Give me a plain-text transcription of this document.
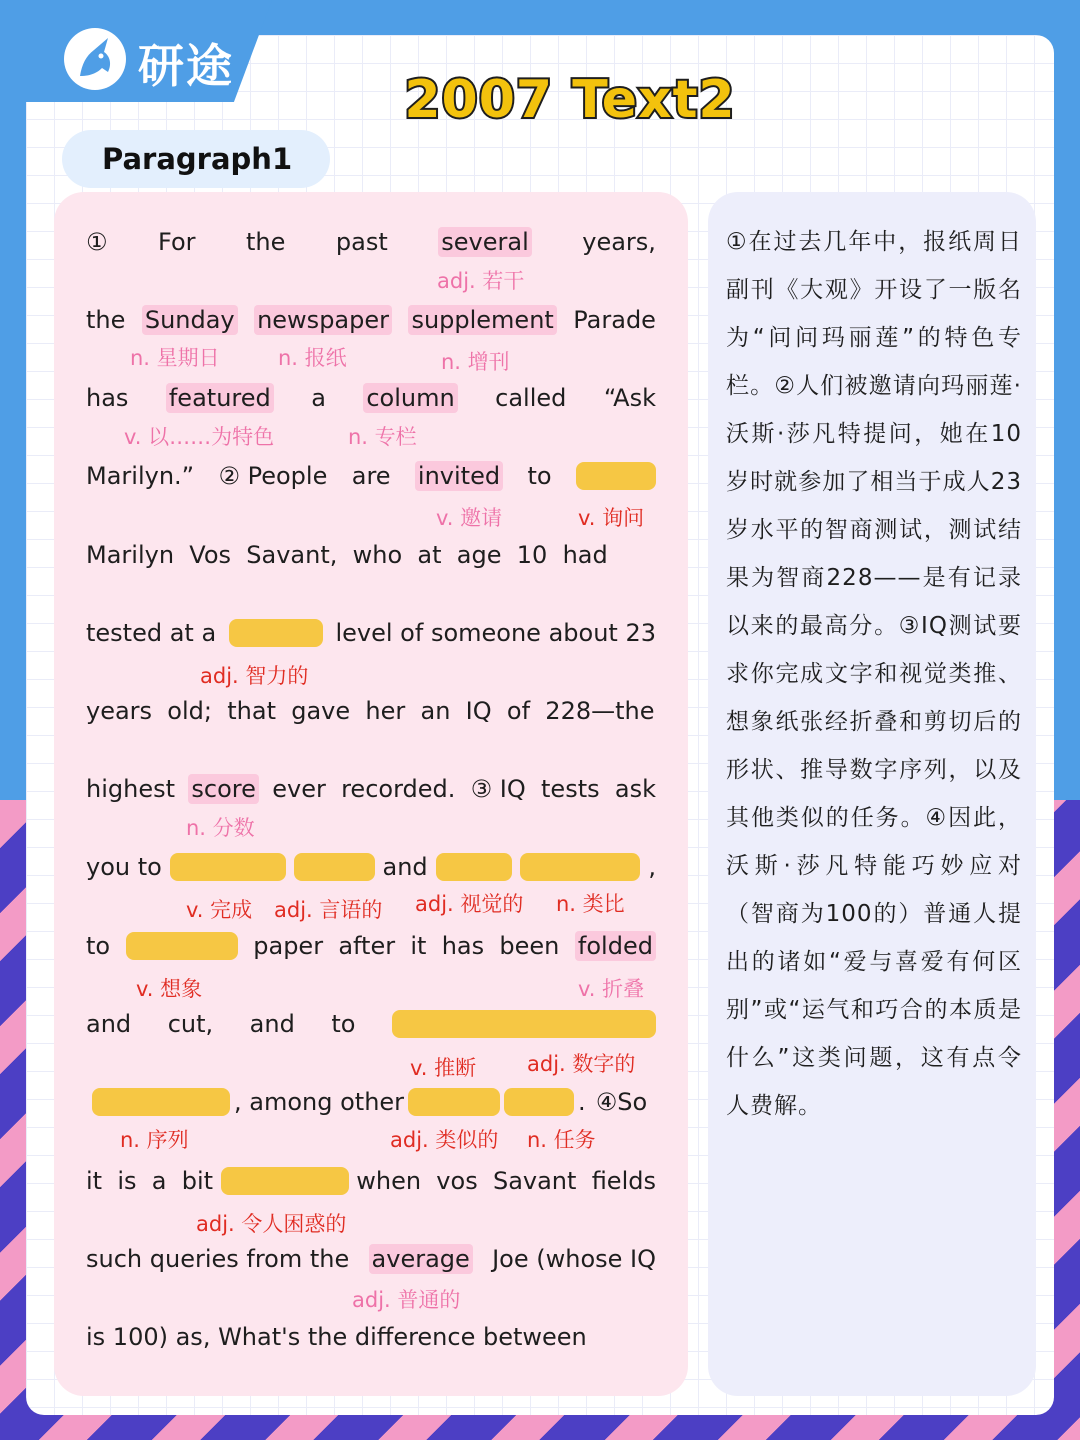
研途
2007 Text2
Paragraph1
① For the past several years,
adj. 若干
the Sunday newspaper supplement Parade
n. 星期日	n. 报纸	n. 增刊
has featured a column called “Ask
v. 以……为特色	n. 专栏
Marilyn.” ② People are invited to
v. 邀请	v. 询问
Marilyn  Vos  Savant,  who  at  age  10  had
tested at a	level of someone about 23
adj. 智力的
years  old;  that  gave  her  an  IQ  of  228—the
highest score ever  recorded.  ③ IQ  tests  ask
n. 分数
you to	and	,
v. 完成 adj. 言语的 adj. 视觉的 n. 类比
to	paper  after  it  has  been folded
v. 想象	v. 折叠
and cut, and to
v. 推断 adj. 数字的
, among other	. ④So
n. 序列	adj. 类似的 n. 任务
it  is  a  bit	when  vos  Savant  fields
adj. 令人困惑的
such queries from the average Joe (whose IQ
adj. 普通的
is 100) as, What's the difference between
①在过去几年中，报纸周日副刊《大观》开设了一版名为“问问玛丽莲”的特色专栏。②人们被邀请向玛丽莲·沃斯·莎凡特提问，她在10岁时就参加了相当于成人23岁水平的智商测试，测试结果为智商228——是有记录以来的最高分。③IQ测试要求你完成文字和视觉类推、想象纸张经折叠和剪切后的形状、推导数字序列，以及其他类似的任务。④因此，沃斯·莎凡特能巧妙应对（智商为100的）普通人提出的诸如“爱与喜爱有何区别”或“运气和巧合的本质是什么”这类问题，这有点令人费解。
